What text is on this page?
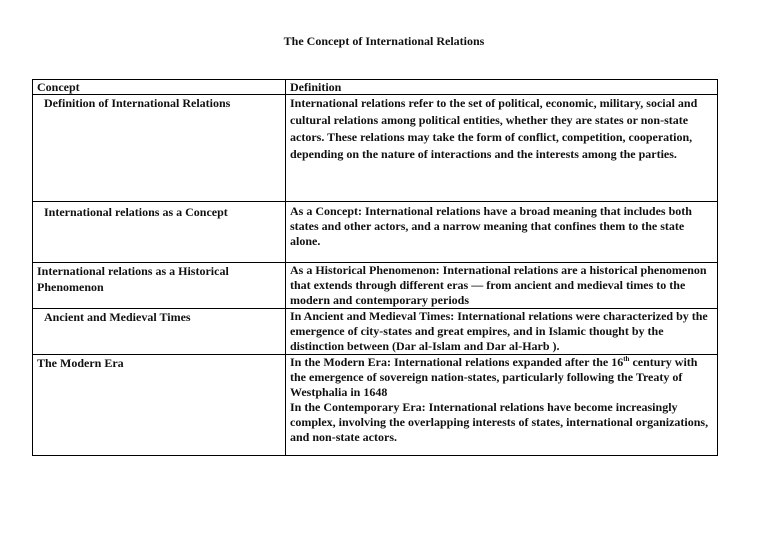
The Concept of International Relations
Concept	Definition
Definition of International Relations	International relations refer to the set of political, economic, military, social and cultural relations among political entities, whether they are states or non-state actors. These relations may take the form of conflict, competition, cooperation, depending on the nature of interactions and the interests among the parties.
International relations as a Concept	As a Concept: International relations have a broad meaning that includes both states and other actors, and a narrow meaning that confines them to the state alone.
International relations as a Historical Phenomenon	As a Historical Phenomenon: International relations are a historical phenomenon that extends through different eras — from ancient and medieval times to the modern and contemporary periods
Ancient and Medieval Times	In Ancient and Medieval Times: International relations were characterized by the emergence of city-states and great empires, and in Islamic thought by the distinction between (Dar al-Islam and Dar al-Harb ).
The Modern Era	In the Modern Era: International relations expanded after the 16th century with the emergence of sovereign nation-states, particularly following the Treaty of Westphalia in 1648
In the Contemporary Era: International relations have become increasingly complex, involving the overlapping interests of states, international organizations, and non-state actors.
